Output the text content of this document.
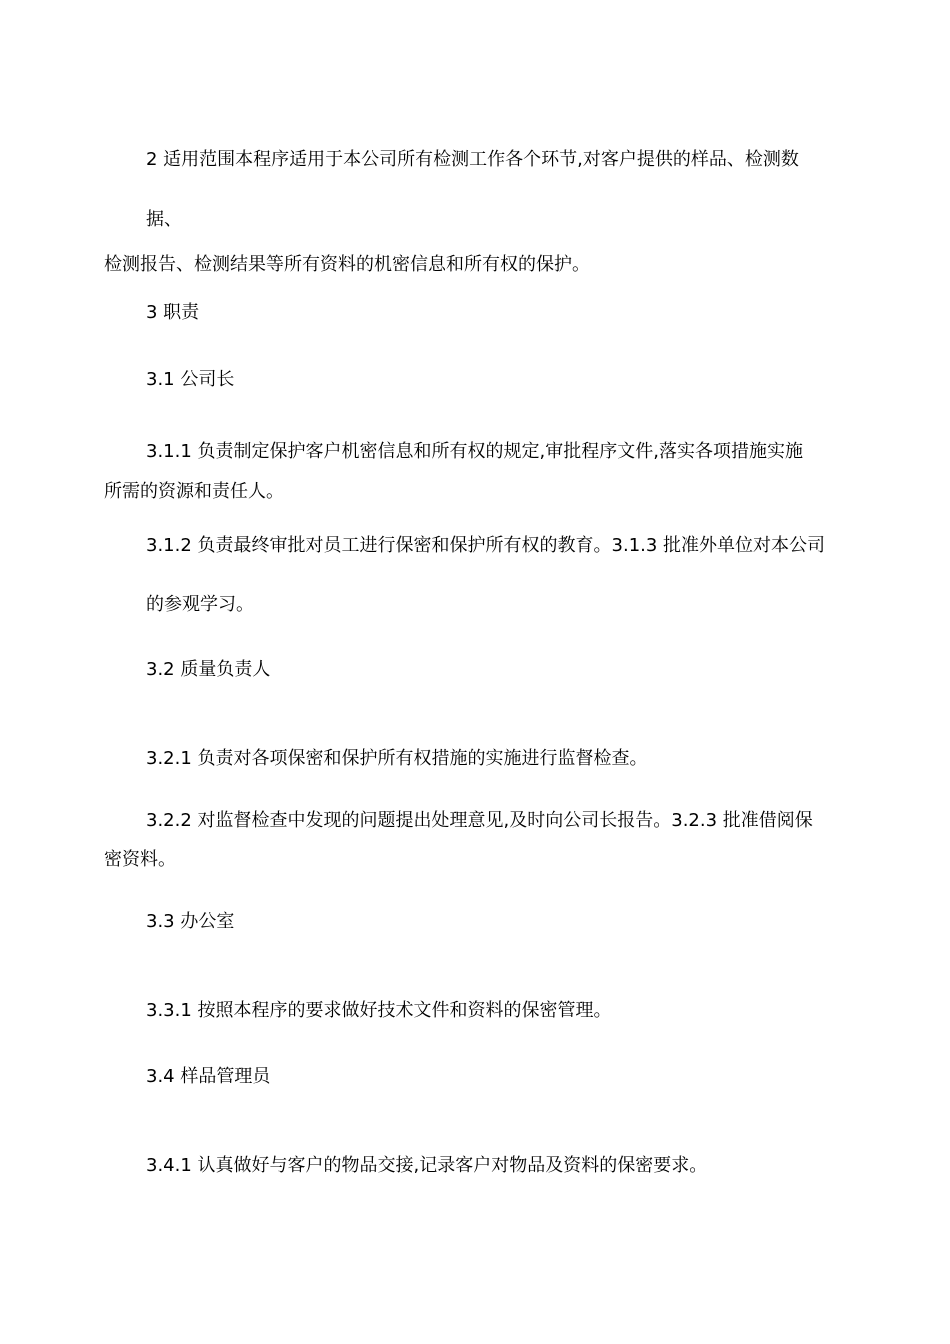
2 适用范围本程序适用于本公司所有检测工作各个环节,对客户提供的样品、检测数
据、
检测报告、检测结果等所有资料的机密信息和所有权的保护。
3 职责
3.1 公司长
3.1.1 负责制定保护客户机密信息和所有权的规定,审批程序文件,落实各项措施实施
所需的资源和责任人。
3.1.2 负责最终审批对员工进行保密和保护所有权的教育。3.1.3 批准外单位对本公司
的参观学习。
3.2 质量负责人
3.2.1 负责对各项保密和保护所有权措施的实施进行监督检查。
3.2.2 对监督检查中发现的问题提出处理意见,及时向公司长报告。3.2.3 批准借阅保
密资料。
3.3 办公室
3.3.1 按照本程序的要求做好技术文件和资料的保密管理。
3.4 样品管理员
3.4.1 认真做好与客户的物品交接,记录客户对物品及资料的保密要求。
